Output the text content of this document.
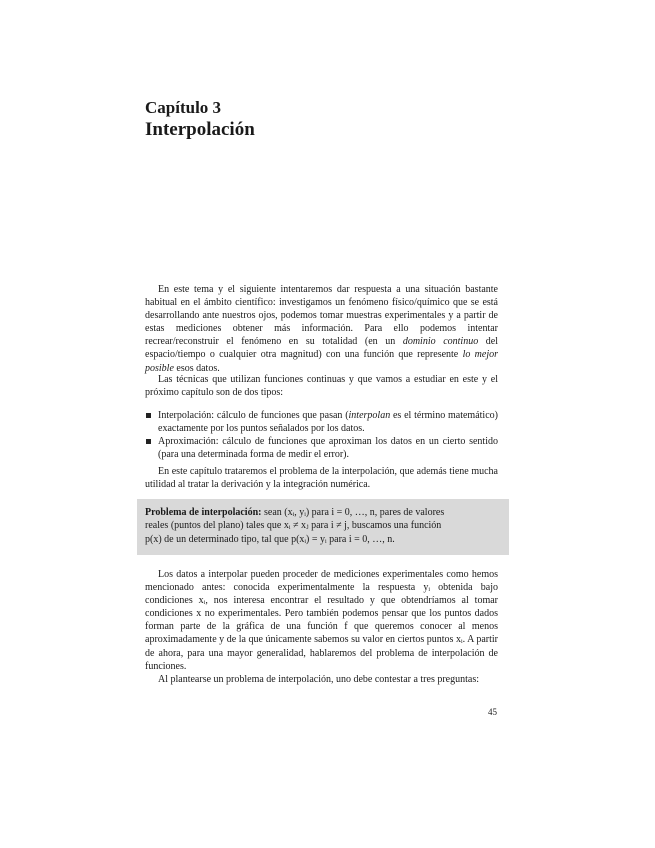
Capítulo 3
Interpolación

En este tema y el siguiente intentaremos dar respuesta a una situación bastante habitual en el ámbito científico: investigamos un fenómeno físico/químico que se está desarrollando ante nuestros ojos, podemos tomar muestras experimentales y a partir de estas mediciones obtener más información. Para ello podemos intentar recrear/reconstruir el fenómeno en su totalidad (en un dominio continuo del espacio/tiempo o cualquier otra magnitud) con una función que represente lo mejor posible esos datos.

Las técnicas que utilizan funciones continuas y que vamos a estudiar en este y el próximo capítulo son de dos tipos:

Interpolación: cálculo de funciones que pasan (interpolan es el término matemático) exactamente por los puntos señalados por los datos.
Aproximación: cálculo de funciones que aproximan los datos en un cierto sentido (para una determinada forma de medir el error).

En este capítulo trataremos el problema de la interpolación, que además tiene mucha utilidad al tratar la derivación y la integración numérica.

Problema de interpolación: sean (xᵢ, yᵢ) para i = 0, …, n, pares de valores
reales (puntos del plano) tales que xᵢ ≠ xⱼ para i ≠ j, buscamos una función
p(x) de un determinado tipo, tal que p(xᵢ) = yᵢ para i = 0, …, n.

Los datos a interpolar pueden proceder de mediciones experimentales como hemos mencionado antes: conocida experimentalmente la respuesta yᵢ obtenida bajo condiciones xᵢ, nos interesa encontrar el resultado y que obtendríamos al tomar condiciones x no experimentales. Pero también podemos pensar que los puntos dados forman parte de la gráfica de una función f que queremos conocer al menos aproximadamente y de la que únicamente sabemos su valor en ciertos puntos xᵢ. A partir de ahora, para una mayor generalidad, hablaremos del problema de interpolación de funciones.

Al plantearse un problema de interpolación, uno debe contestar a tres preguntas:

45
